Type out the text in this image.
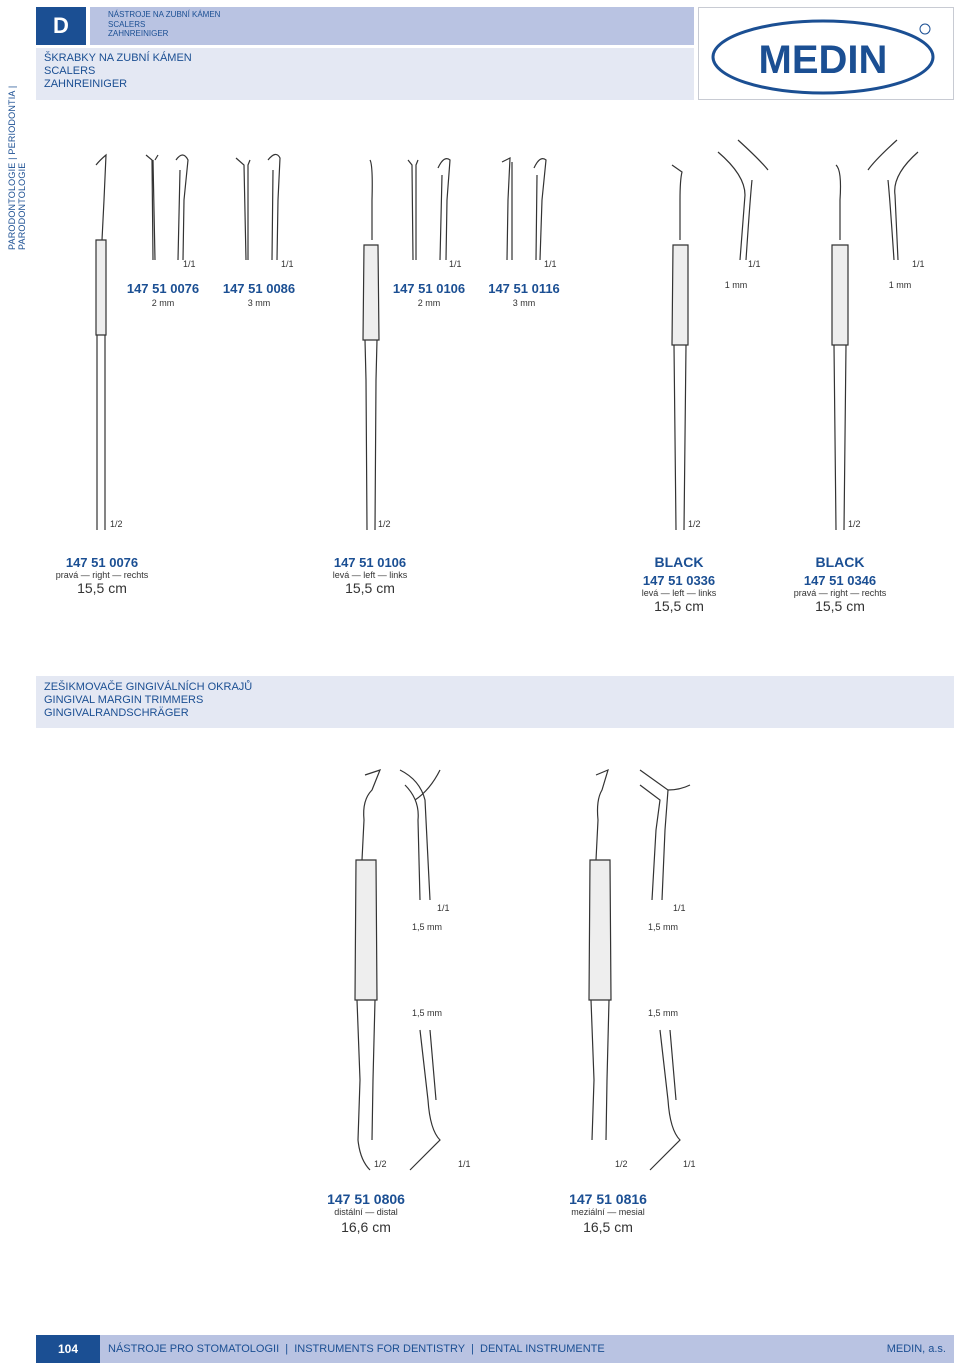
D	NÁSTROJE NA ZUBNÍ KÁMEN
SCALERS
ZAHNREINIGER
ŠKRABKY NA ZUBNÍ KÁMEN
SCALERS
ZAHNREINIGER
PARODONTOLOGIE | PERIODONTIA | PARODONTOLOGIE
MEDIN
1/1
147 51 0076
2 mm
1/1
147 51 0086
3 mm
1/1
147 51 0106
2 mm
1/1
147 51 0116
3 mm
1/1
1 mm
1/1
1 mm
1/2	1/2	1/2	1/2
147 51 0076
pravá — right — rechts
15,5 cm
147 51 0106
levá — left — links
15,5 cm
BLACK
147 51 0336
levá — left — links
15,5 cm
BLACK
147 51 0346
pravá — right — rechts
15,5 cm
ZEŠIKMOVAČE GINGIVÁLNÍCH OKRAJŮ
GINGIVAL MARGIN TRIMMERS
GINGIVALRANDSCHRÄGER
1/1
1,5 mm
1,5 mm
1/2	1/1
1/1
1,5 mm
1,5 mm
1/2	1/1
147 51 0806
distální — distal
16,6 cm
147 51 0816
meziální — mesial
16,5 cm
104	NÁSTROJE PRO STOMATOLOGII  |  INSTRUMENTS FOR DENTISTRY  |  DENTAL INSTRUMENTE	MEDIN, a.s.
